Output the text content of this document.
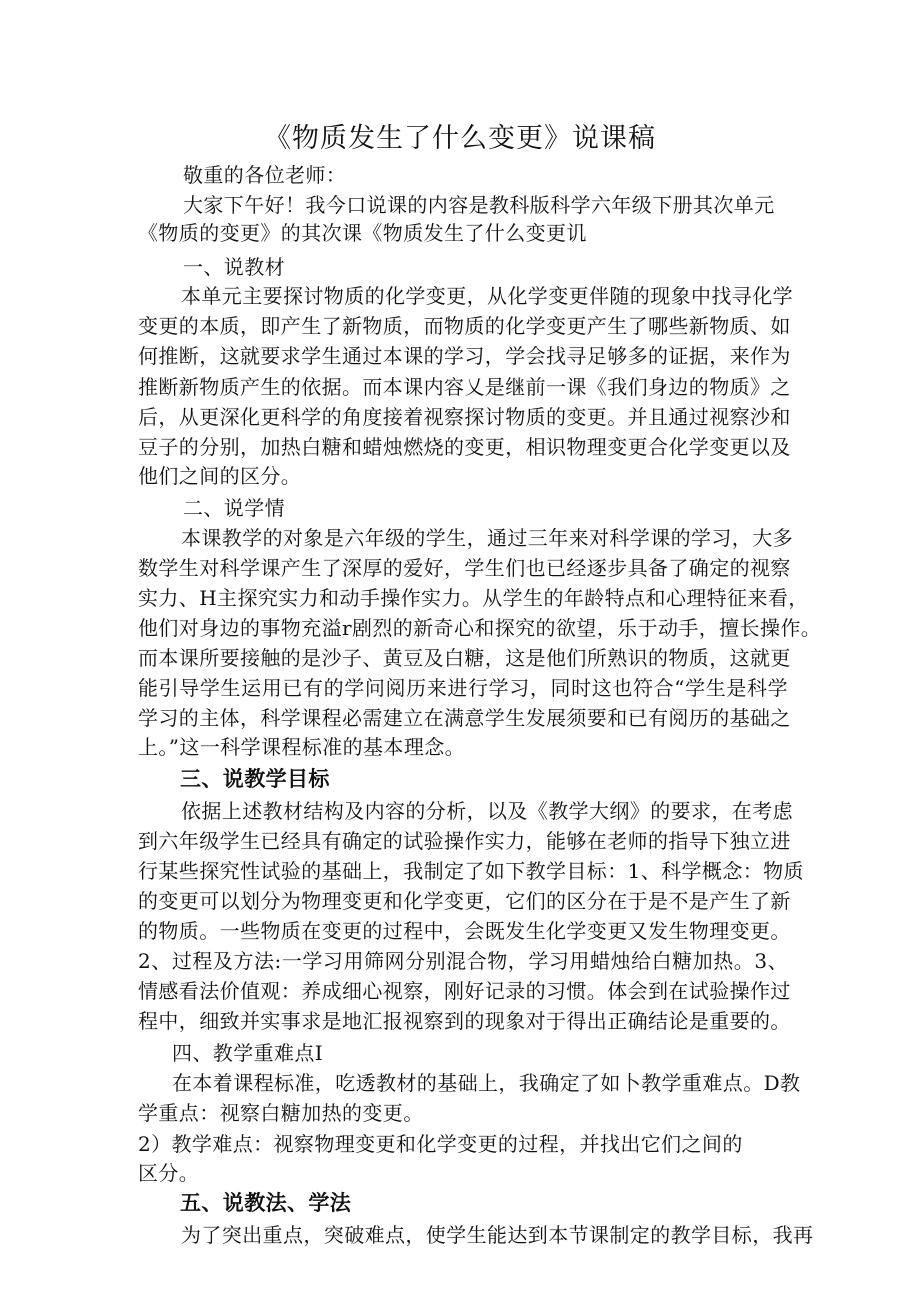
《物质发生了什么变更》说课稿
敬重的各位老师：
大家下午好！我今口说课的内容是教科版科学六年级下册其次单元
《物质的变更》的其次课《物质发生了什么变更讥
一、说教材
本单元主要探讨物质的化学变更，从化学变更伴随的现象中找寻化学
变更的本质，即产生了新物质，而物质的化学变更产生了哪些新物质、如
何推断，这就要求学生通过本课的学习，学会找寻足够多的证据，来作为
推断新物质产生的依据。而本课内容乂是继前一课《我们身边的物质》之
后，从更深化更科学的角度接着视察探讨物质的变更。并且通过视察沙和
豆子的分别，加热白糖和蜡烛燃烧的变更，相识物理变更合化学变更以及
他们之间的区分。
二、说学情
本课教学的对象是六年级的学生，通过三年来对科学课的学习，大多
数学生对科学课产生了深厚的爱好，学生们也已经逐步具备了确定的视察
实力、H主探究实力和动手操作实力。从学生的年龄特点和心理特征来看，
他们对身边的事物充溢r剧烈的新奇心和探究的欲望，乐于动手，擅长操作。
而本课所要接触的是沙子、黄豆及白糖，这是他们所熟识的物质，这就更
能引导学生运用已有的学问阅历来进行学习，同时这也符合“学生是科学
学习的主体，科学课程必需建立在满意学生发展须要和已有阅历的基础之
上。”这一科学课程标准的基本理念。
三、说教学目标
依据上述教材结构及内容的分析，以及《教学大纲》的要求，在考虑
到六年级学生已经具有确定的试验操作实力，能够在老师的指导下独立进
行某些探究性试验的基础上，我制定了如下教学目标：1、科学概念：物质
的变更可以划分为物理变更和化学变更，它们的区分在于是不是产生了新
的物质。一些物质在变更的过程中，会既发生化学变更又发生物理变更。
2、过程及方法:一学习用筛网分别混合物，学习用蜡烛给白糖加热。3、
情感看法价值观：养成细心视察，刚好记录的习惯。体会到在试验操作过
程中，细致并实事求是地汇报视察到的现象对于得出正确结论是重要的。
四、教学重难点I
在本着课程标准，吃透教材的基础上，我确定了如卜教学重难点。D教
学重点：视察白糖加热的变更。
2）教学难点：视察物理变更和化学变更的过程，并找出它们之间的
区分。
五、说教法、学法
为了突出重点，突破难点，使学生能达到本节课制定的教学目标，我再
